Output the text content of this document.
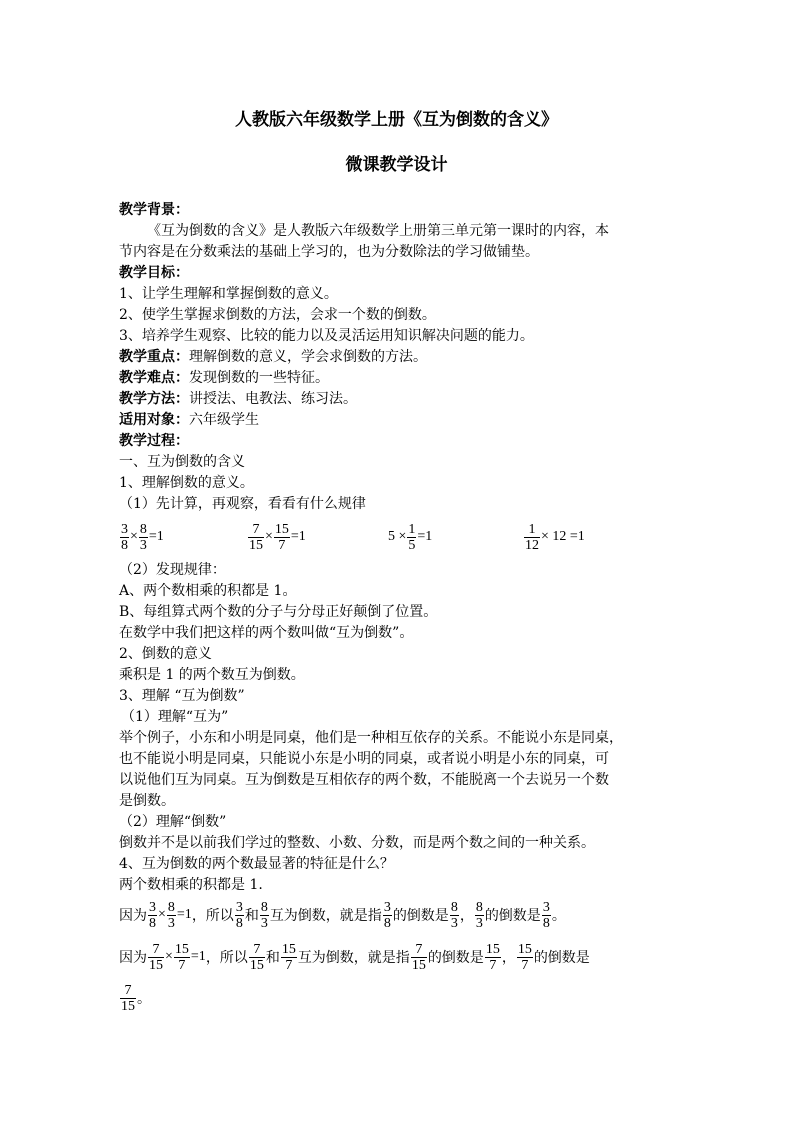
人教版六年级数学上册《互为倒数的含义》
微课教学设计
教学背景：
《互为倒数的含义》是人教版六年级数学上册第三单元第一课时的内容，本
节内容是在分数乘法的基础上学习的，也为分数除法的学习做铺垫。
教学目标：
1、让学生理解和掌握倒数的意义。
2、使学生掌握求倒数的方法，会求一个数的倒数。
3、培养学生观察、比较的能力以及灵活运用知识解决问题的能力。
教学重点：理解倒数的意义，学会求倒数的方法。
教学难点：发现倒数的一些特征。
教学方法：讲授法、电教法、练习法。
适用对象：六年级学生
教学过程：
一、互为倒数的含义
1、理解倒数的意义。
（1）先计算，再观察，看看有什么规律
$\frac{3}{8} \times \frac{8}{3} =1$	$\frac{7}{15} \times \frac{15}{7} =1$	$5 \times \frac{1}{5} =1$	$\frac{1}{12} \times 12 =1$
（2）发现规律：
A、两个数相乘的积都是 1。
B、每组算式两个数的分子与分母正好颠倒了位置。
在数学中我们把这样的两个数叫做“互为倒数”。
2、倒数的意义
乘积是 1 的两个数互为倒数。
3、理解 “互为倒数”
（1）理解“互为”
举个例子，小东和小明是同桌，他们是一种相互依存的关系。不能说小东是同桌，
也不能说小明是同桌，只能说小东是小明的同桌，或者说小明是小东的同桌，可
以说他们互为同桌。互为倒数是互相依存的两个数，不能脱离一个去说另一个数
是倒数。
（2）理解“倒数”
倒数并不是以前我们学过的整数、小数、分数，而是两个数之间的一种关系。
4、互为倒数的两个数最显著的特征是什么？
两个数相乘的积都是 1.
因为 $\frac{3}{8} \times \frac{8}{3} =1$ ，所以 $\frac{3}{8}$ 和 $\frac{8}{3}$ 互为倒数，就是指 $\frac{3}{8}$ 的倒数是 $\frac{8}{3}$ ， $\frac{8}{3}$ 的倒数是 $\frac{3}{8}$ 。
因为 $\frac{7}{15} \times \frac{15}{7} =1$ ，所以 $\frac{7}{15}$ 和 $\frac{15}{7}$ 互为倒数，就是指 $\frac{7}{15}$ 的倒数是 $\frac{15}{7}$ ， $\frac{15}{7}$ 的倒数是
$\frac{7}{15}$ 。
